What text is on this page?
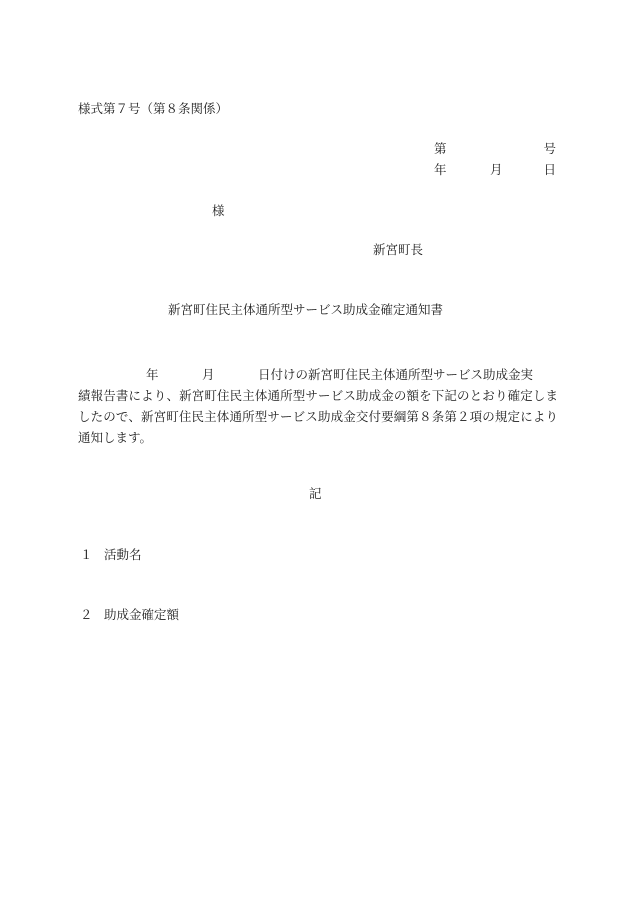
様式第７号（第８条関係）
第	号
年	月	日
様
新宮町長
新宮町住民主体通所型サービス助成金確定通知書
年	月	日付けの新宮町住民主体通所型サービス助成金実
績報告書により、新宮町住民主体通所型サービス助成金の額を下記のとおり確定しましたので、新宮町住民主体通所型サービス助成金交付要綱第８条第２項の規定により通知します。
記
１ 活動名
２ 助成金確定額
